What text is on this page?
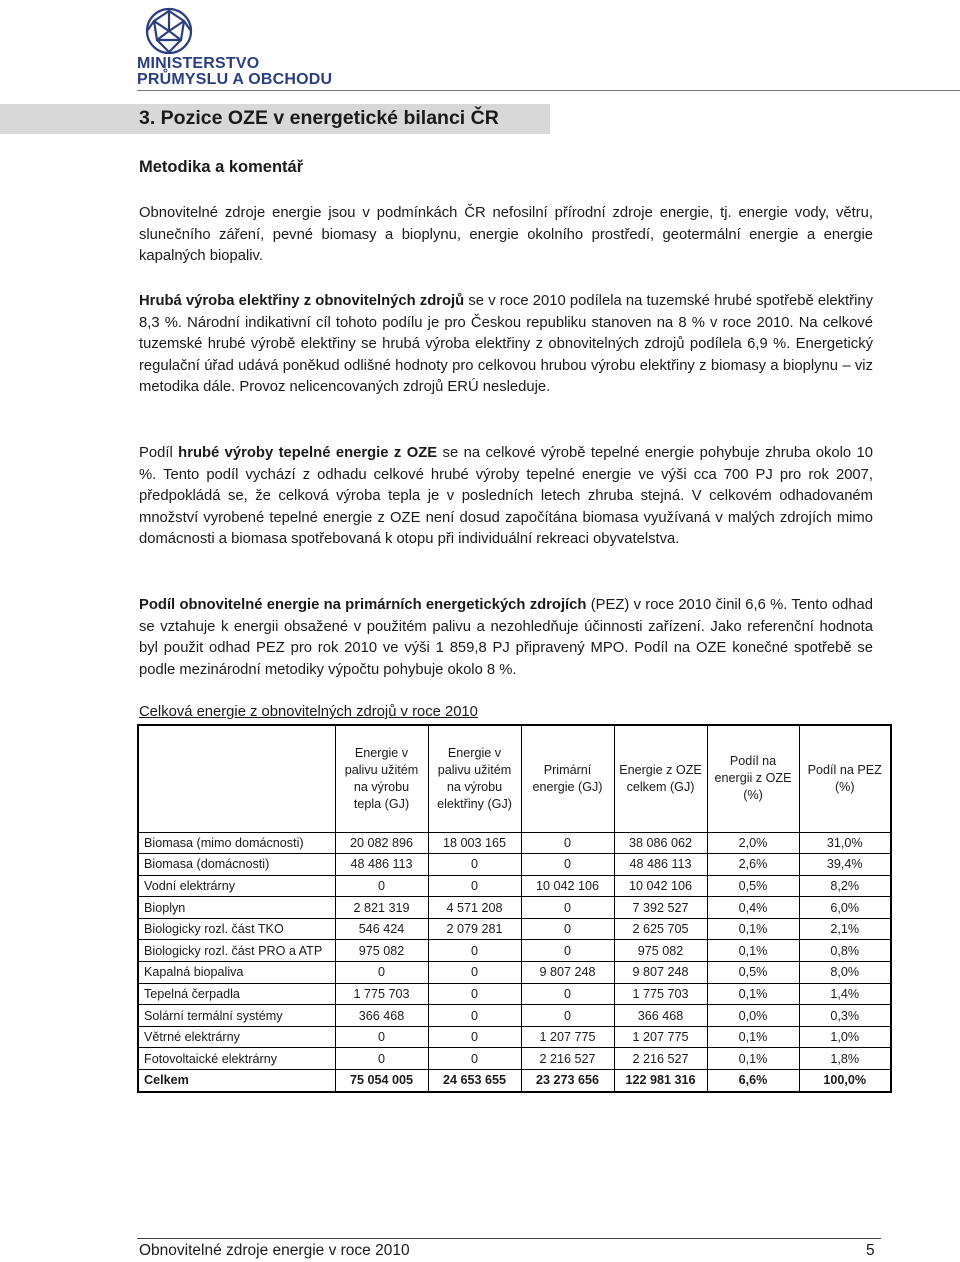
MINISTERSTVO
PRŮMYSLU A OBCHODU
3. Pozice OZE v energetické bilanci ČR
Metodika a komentář

Obnovitelné zdroje energie jsou v podmínkách ČR nefosilní přírodní zdroje energie, tj. energie vody, větru, slunečního záření, pevné biomasy a bioplynu, energie okolního prostředí, geotermální energie a energie kapalných biopaliv.

Hrubá výroba elektřiny z obnovitelných zdrojů se v roce 2010 podílela na tuzemské hrubé spotřebě elektřiny 8,3 %. Národní indikativní cíl tohoto podílu je pro Českou republiku stanoven na 8 % v roce 2010. Na celkové tuzemské hrubé výrobě elektřiny se hrubá výroba elektřiny z obnovitelných zdrojů podílela 6,9 %. Energetický regulační úřad udává poněkud odlišné hodnoty pro celkovou hrubou výrobu elektřiny z biomasy a bioplynu – viz metodika dále. Provoz nelicencovaných zdrojů ERÚ nesleduje.

Podíl hrubé výroby tepelné energie z OZE se na celkové výrobě tepelné energie pohybuje zhruba okolo 10 %. Tento podíl vychází z odhadu celkové hrubé výroby tepelné energie ve výši cca 700 PJ pro rok 2007, předpokládá se, že celková výroba tepla je v posledních letech zhruba stejná. V celkovém odhadovaném množství vyrobené tepelné energie z OZE není dosud započítána biomasa využívaná v malých zdrojích mimo domácnosti a biomasa spotřebovaná k otopu při individuální rekreaci obyvatelstva.

Podíl obnovitelné energie na primárních energetických zdrojích (PEZ) v roce 2010 činil 6,6 %. Tento odhad se vztahuje k energii obsažené v použitém palivu a nezohledňuje účinnosti zařízení. Jako referenční hodnota byl použit odhad PEZ pro rok 2010 ve výši 1 859,8 PJ připravený MPO. Podíl na OZE konečné spotřebě se podle mezinárodní metodiky výpočtu pohybuje okolo 8 %.

Celková energie z obnovitelných zdrojů v roce 2010
	Energie v palivu užitém na výrobu tepla (GJ)	Energie v palivu užitém na výrobu elektřiny (GJ)	Primární energie (GJ)	Energie z OZE celkem (GJ)	Podíl na energii z OZE (%)	Podíl na PEZ (%)
Biomasa (mimo domácnosti)	20 082 896	18 003 165	0	38 086 062	2,0%	31,0%
Biomasa (domácnosti)	48 486 113	0	0	48 486 113	2,6%	39,4%
Vodní elektrárny	0	0	10 042 106	10 042 106	0,5%	8,2%
Bioplyn	2 821 319	4 571 208	0	7 392 527	0,4%	6,0%
Biologicky rozl. část TKO	546 424	2 079 281	0	2 625 705	0,1%	2,1%
Biologicky rozl. část PRO a ATP	975 082	0	0	975 082	0,1%	0,8%
Kapalná biopaliva	0	0	9 807 248	9 807 248	0,5%	8,0%
Tepelná čerpadla	1 775 703	0	0	1 775 703	0,1%	1,4%
Solární termální systémy	366 468	0	0	366 468	0,0%	0,3%
Větrné elektrárny	0	0	1 207 775	1 207 775	0,1%	1,0%
Fotovoltaické elektrárny	0	0	2 216 527	2 216 527	0,1%	1,8%
Celkem	75 054 005	24 653 655	23 273 656	122 981 316	6,6%	100,0%
Obnovitelné zdroje energie v roce 2010	5
